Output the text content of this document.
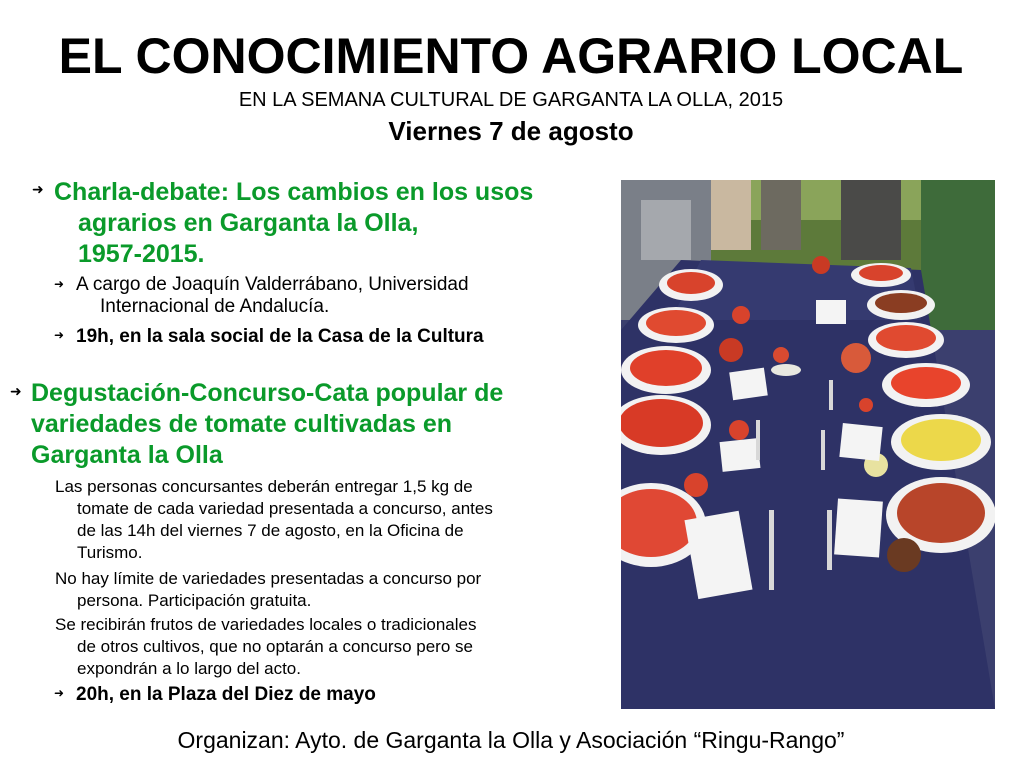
EL CONOCIMIENTO AGRARIO LOCAL
EN LA SEMANA CULTURAL DE GARGANTA LA OLLA, 2015
Viernes 7 de agosto
➜ Charla-debate: Los cambios en los usos
agrarios en Garganta la Olla,
1957-2015.
➜ A cargo de Joaquín Valderrábano, Universidad
Internacional de Andalucía.
➜ 19h, en la sala social de la Casa de la Cultura
➜ Degustación-Concurso-Cata popular de
variedades de tomate cultivadas en
Garganta la Olla
Las personas concursantes deberán entregar 1,5 kg de
tomate de cada variedad presentada a concurso, antes
de las 14h del viernes 7 de agosto, en la Oficina de
Turismo.
No hay límite de variedades presentadas a concurso por
persona. Participación gratuita.
Se recibirán frutos de variedades locales o tradicionales
de otros cultivos, que no optarán a concurso pero se
expondrán a lo largo del acto.
➜ 20h, en la Plaza del Diez de mayo
Organizan: Ayto. de Garganta la Olla y Asociación “Ringu-Rango”
